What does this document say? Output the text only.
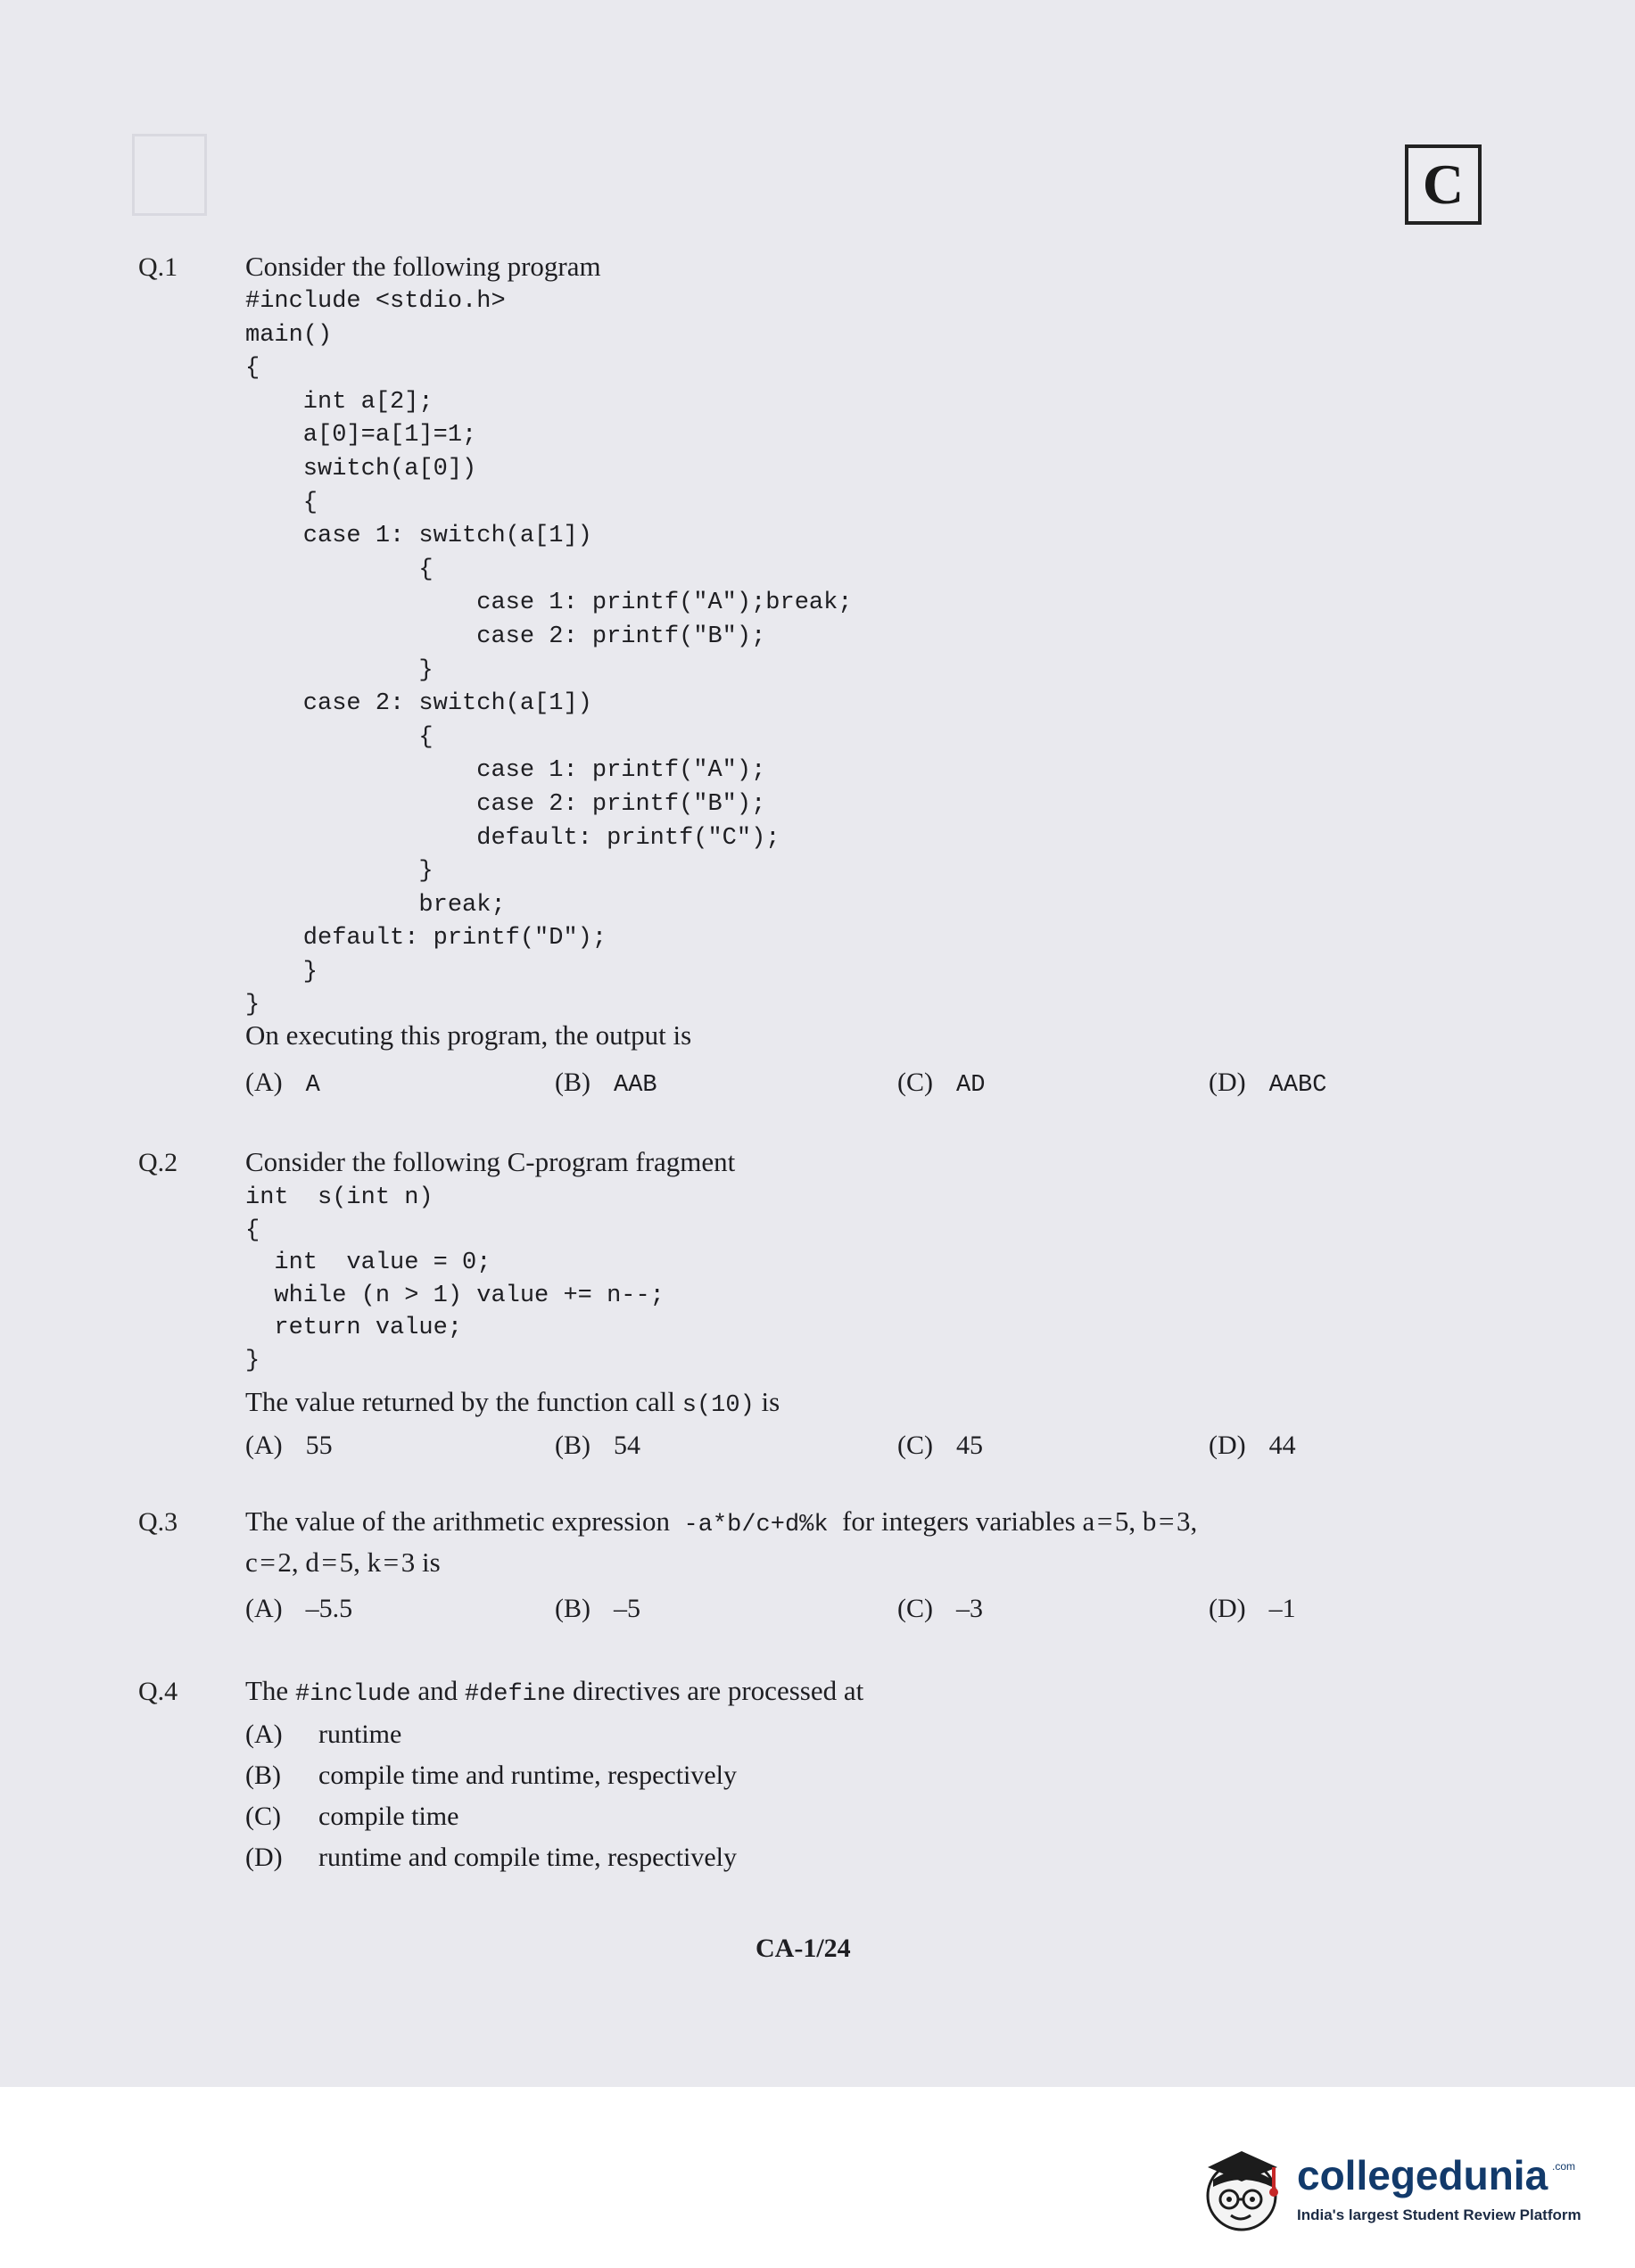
C
Q.1 Consider the following program
#include <stdio.h>
main()
{
int a[2];
a[0]=a[1]=1;
switch(a[0])
{
case 1: switch(a[1])
{
case 1: printf("A");break;
case 2: printf("B");
}
case 2: switch(a[1])
{
case 1: printf("A");
case 2: printf("B");
default: printf("C");
}
break;
default: printf("D");
}
}
On executing this program, the output is
(A) A	(B) AAB	(C) AD	(D) AABC
Q.2 Consider the following C-program fragment
int  s(int n)
{
int  value = 0;
while (n > 1) value += n--;
return value;
}
The value returned by the function call s(10) is
(A) 55	(B) 54	(C) 45	(D) 44
Q.3 The value of the arithmetic expression -a*b/c+d%k for integers variables a = 5, b = 3,
c = 2, d = 5, k = 3 is
(A) –5.5	(B) –5	(C) –3	(D) –1
Q.4 The #include and #define directives are processed at
(A) runtime
(B) compile time and runtime, respectively
(C) compile time
(D) runtime and compile time, respectively
CA-1/24
collegedunia .com
India's largest Student Review Platform
